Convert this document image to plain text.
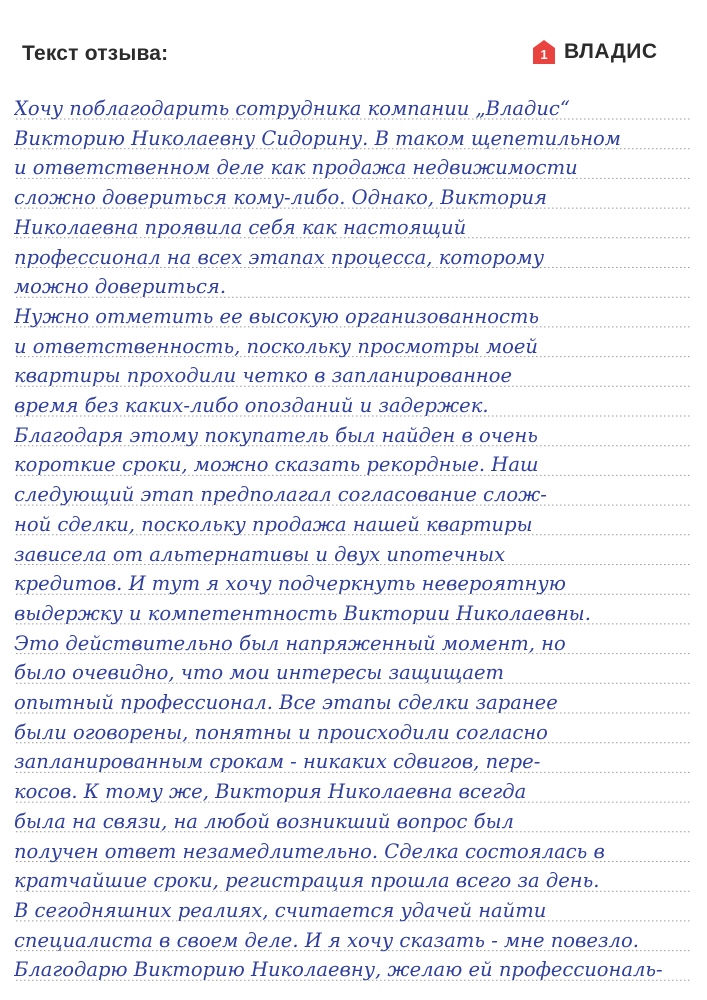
Текст отзыва:	1 ВЛАДИС
Хочу поблагодарить сотрудника компании „Владис“
Викторию Николаевну Сидорину. В таком щепетильном
и ответственном деле как продажа недвижимости
сложно довериться кому-либо. Однако, Виктория
Николаевна проявила себя как настоящий
профессионал на всех этапах процесса, которому
можно довериться.
Нужно отметить ее высокую организованность
и ответственность, поскольку просмотры моей
квартиры проходили четко в запланированное
время без каких-либо опозданий и задержек.
Благодаря этому покупатель был найден в очень
короткие сроки, можно сказать рекордные. Наш
следующий этап предполагал согласование слож-
ной сделки, поскольку продажа нашей квартиры
зависела от альтернативы и двух ипотечных
кредитов. И тут я хочу подчеркнуть невероятную
выдержку и компетентность Виктории Николаевны.
Это действительно был напряженный момент, но
было очевидно, что мои интересы защищает
опытный профессионал. Все этапы сделки заранее
были оговорены, понятны и происходили согласно
запланированным срокам - никаких сдвигов, пере-
косов. К тому же, Виктория Николаевна всегда
была на связи, на любой возникший вопрос был
получен ответ незамедлительно. Сделка состоялась в
кратчайшие сроки, регистрация прошла всего за день.
В сегодняшних реалиях, считается удачей найти
специалиста в своем деле. И я хочу сказать - мне повезло.
Благодарю Викторию Николаевну, желаю ей профессиональ-
